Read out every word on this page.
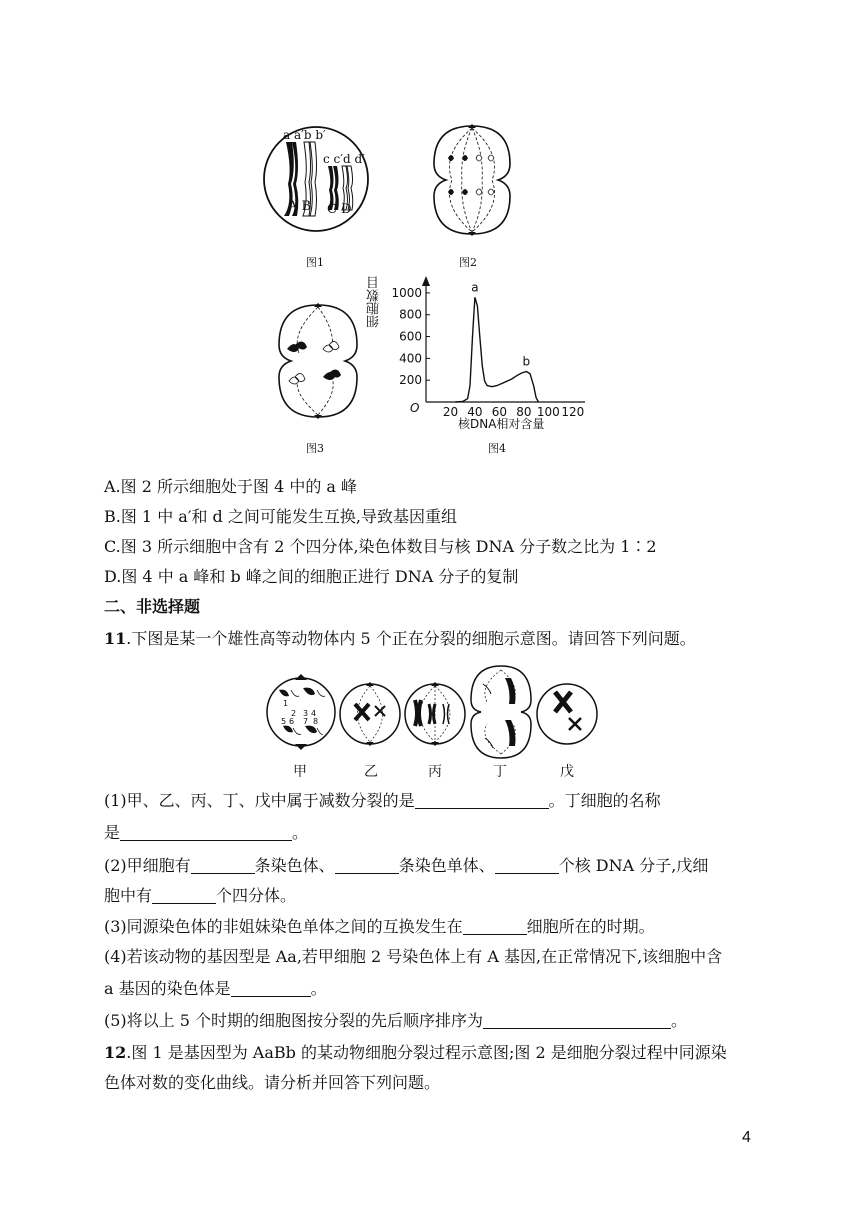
a a′b b′
c c′d d′
A B C D
图1	图2
图3
200
400
600
800
1000
20 40 60 80 100 120
a
b
O
核DNA相对含量
细胞数目
图4
A.图 2 所示细胞处于图 4 中的 a 峰
B.图 1 中 a′和 d 之间可能发生互换,导致基因重组
C.图 3 所示细胞中含有 2 个四分体,染色体数目与核 DNA 分子数之比为 1∶2
D.图 4 中 a 峰和 b 峰之间的细胞正进行 DNA 分子的复制
二、非选择题
11.下图是某一个雄性高等动物体内 5 个正在分裂的细胞示意图。请回答下列问题。
2 3 4
5 6 7
1
8
甲	乙	丙	丁	戊
(1)甲、乙、丙、丁、戊中属于减数分裂的是	。丁细胞的名称
是	。
(2)甲细胞有	条染色体、	条染色单体、	个核 DNA 分子,戊细
胞中有	个四分体。
(3)同源染色体的非姐妹染色单体之间的互换发生在	细胞所在的时期。
(4)若该动物的基因型是 Aa,若甲细胞 2 号染色体上有 A 基因,在正常情况下,该细胞中含
a 基因的染色体是	。
(5)将以上 5 个时期的细胞图按分裂的先后顺序排序为	。
12.图 1 是基因型为 AaBb 的某动物细胞分裂过程示意图;图 2 是细胞分裂过程中同源染
色体对数的变化曲线。请分析并回答下列问题。
4
